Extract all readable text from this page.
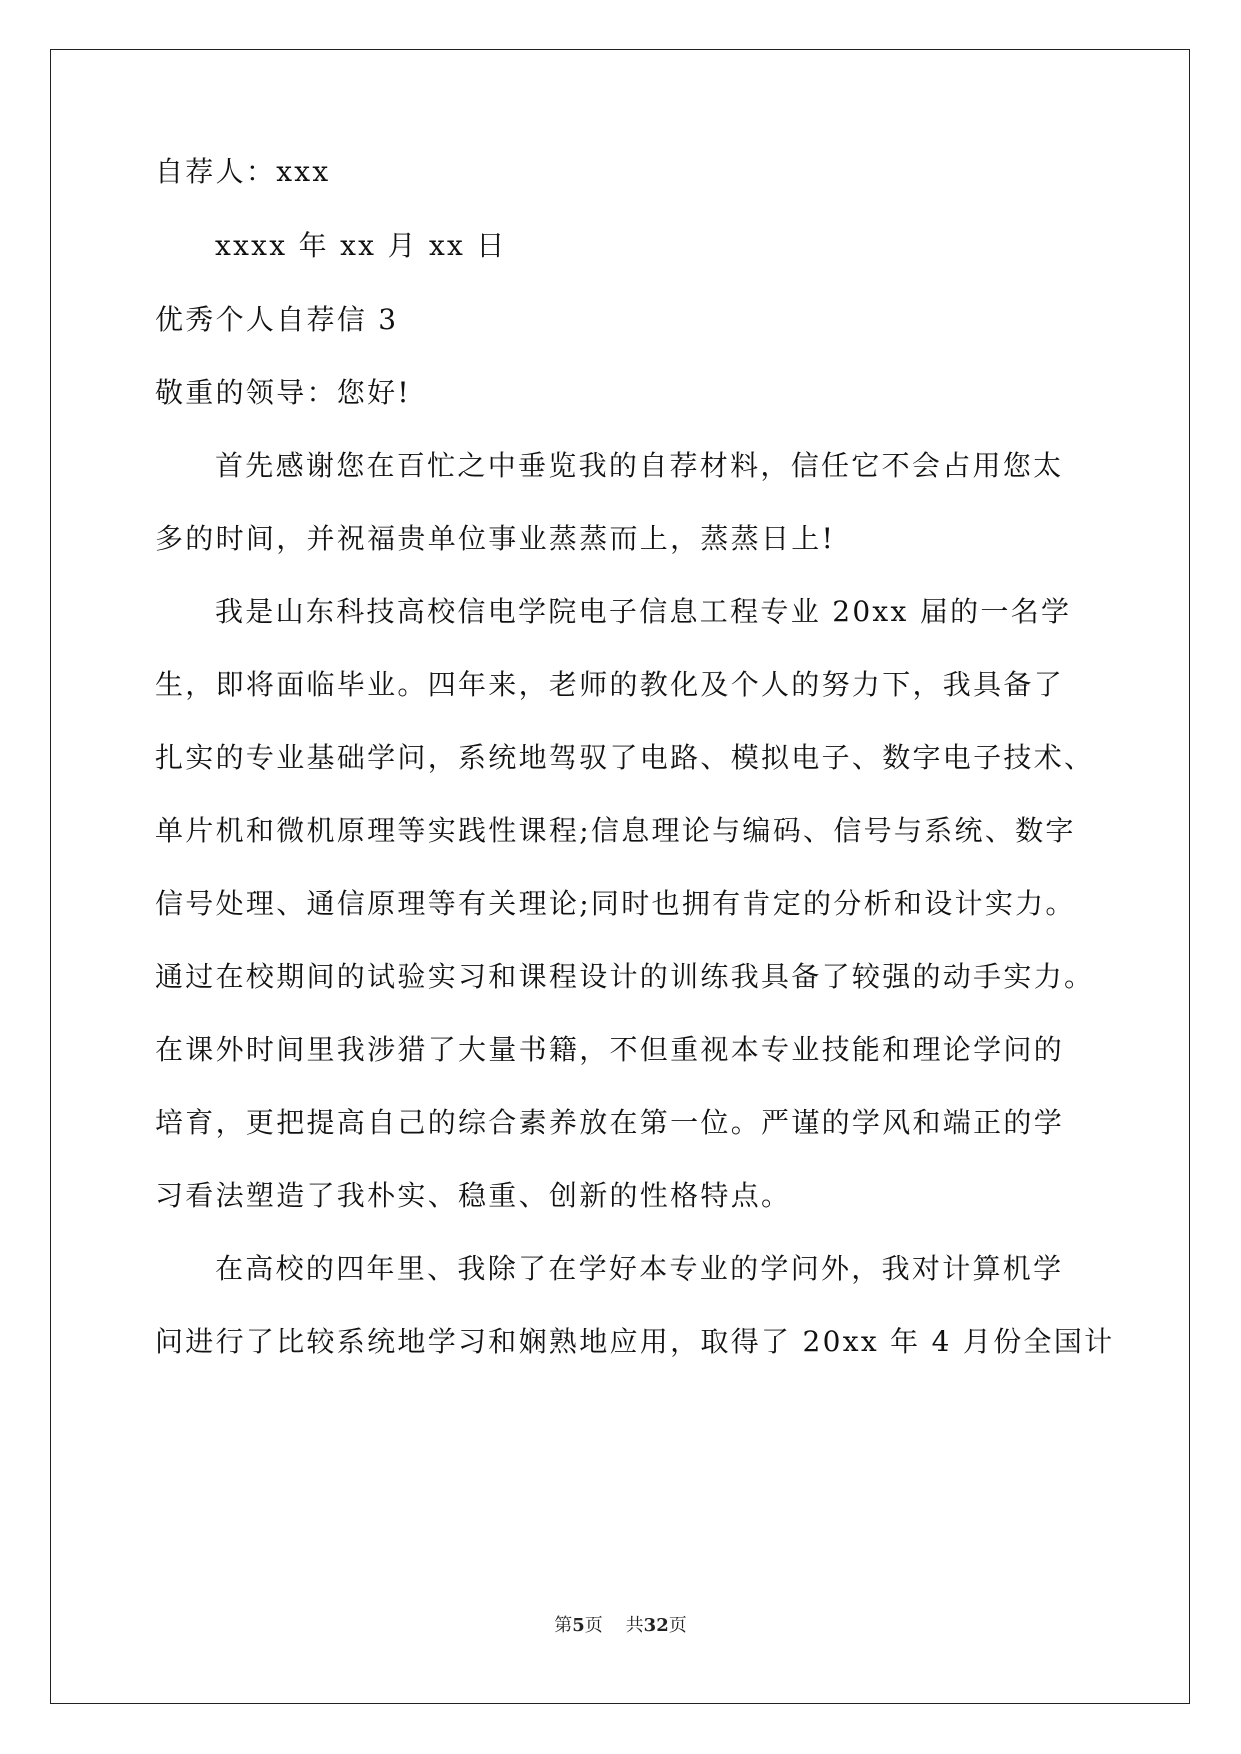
自荐人：xxx
xxxx 年 xx 月 xx 日
优秀个人自荐信 3
敬重的领导：您好!
首先感谢您在百忙之中垂览我的自荐材料，信任它不会占用您太
多的时间，并祝福贵单位事业蒸蒸而上，蒸蒸日上!
我是山东科技高校信电学院电子信息工程专业 20xx 届的一名学
生，即将面临毕业。四年来，老师的教化及个人的努力下，我具备了
扎实的专业基础学问，系统地驾驭了电路、模拟电子、数字电子技术、
单片机和微机原理等实践性课程;信息理论与编码、信号与系统、数字
信号处理、通信原理等有关理论;同时也拥有肯定的分析和设计实力。
通过在校期间的试验实习和课程设计的训练我具备了较强的动手实力。
在课外时间里我涉猎了大量书籍，不但重视本专业技能和理论学问的
培育，更把提高自己的综合素养放在第一位。严谨的学风和端正的学
习看法塑造了我朴实、稳重、创新的性格特点。
在高校的四年里、我除了在学好本专业的学问外，我对计算机学
问进行了比较系统地学习和娴熟地应用，取得了 20xx 年 4 月份全国计
第5页 共32页
